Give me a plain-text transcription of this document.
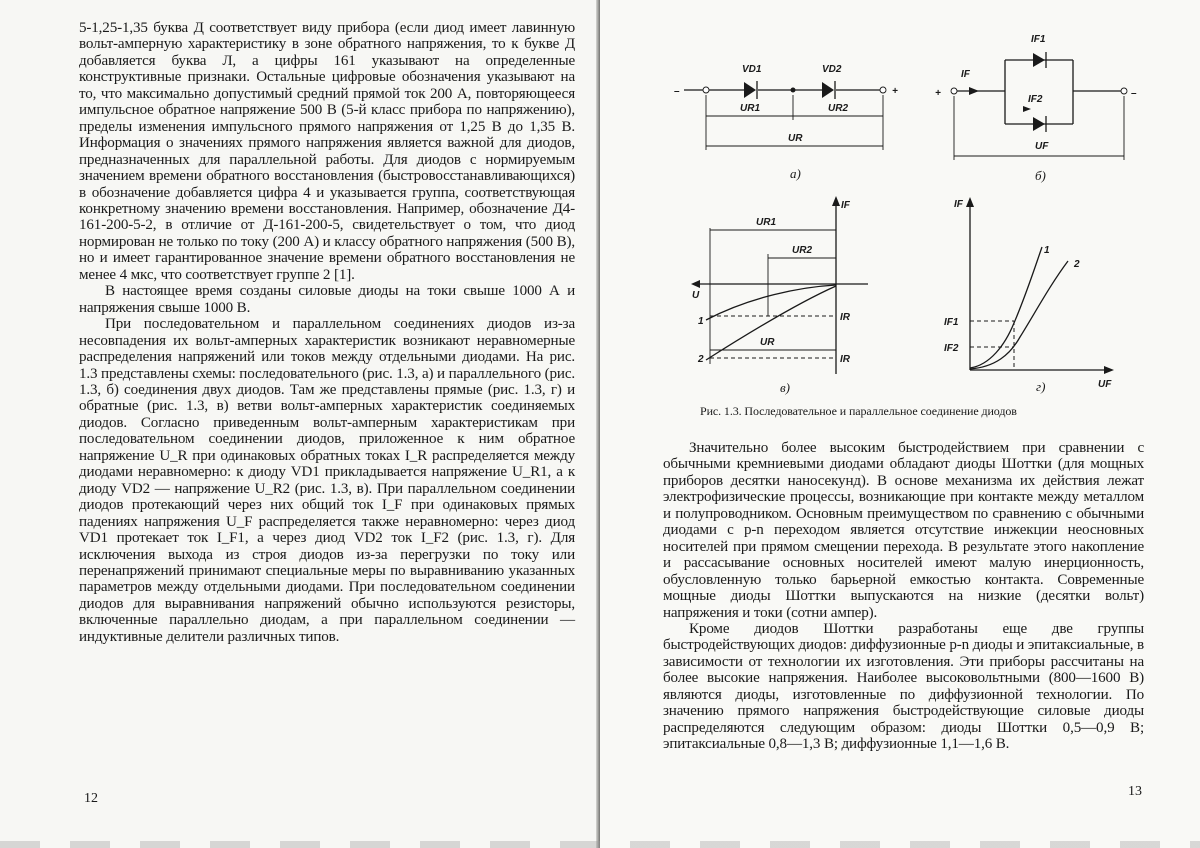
5-1,25-1,35 буква Д соответствует виду прибора (если диод имеет лавинную вольт-амперную характеристику в зоне обратного напряжения, то к букве Д добавляется буква Л, а цифры 161 указывают на определенные конструктивные признаки. Остальные цифровые обозначения указывают на то, что максимально допустимый средний прямой ток 200 А, повторяющееся импульсное обратное напряжение 500 В (5-й класс прибора по напряжению), пределы изменения импульсного прямого напряжения от 1,25 В до 1,35 В. Информация о значениях прямого напряжения является важной для диодов, предназначенных для параллельной работы. Для диодов с нормируемым значением времени обратного восстановления (быстровосстанавливающихся) в обозначение добавляется цифра 4 и указывается группа, соответствующая конкретному значению времени восстановления. Например, обозначение Д4-161-200-5-2, в отличие от Д-161-200-5, свидетельствует о том, что диод нормирован не только по току (200 А) и классу обратного напряжения (500 В), но и имеет гарантированное значение времени обратного восстановления не менее 4 мкс, что соответствует группе 2 [1].

В настоящее время созданы силовые диоды на токи свыше 1000 А и напряжения свыше 1000 В.

При последовательном и параллельном соединениях диодов из-за несовпадения их вольт-амперных характеристик возникают неравномерные распределения напряжений или токов между отдельными диодами. На рис. 1.3 представлены схемы: последовательного (рис. 1.3, а) и параллельного (рис. 1.3, б) соединения двух диодов. Там же представлены прямые (рис. 1.3, г) и обратные (рис. 1.3, в) ветви вольт-амперных характеристик соединяемых диодов. Согласно приведенным вольт-амперным характеристикам при последовательном соединении диодов, приложенное к ним обратное напряжение U_R при одинаковых обратных токах I_R распределяется между диодами неравномерно: к диоду VD1 прикладывается напряжение U_R1, а к диоду VD2 — напряжение U_R2 (рис. 1.3, в). При параллельном соединении диодов протекающий через них общий ток I_F при одинаковых прямых падениях напряжения U_F распределяется также неравномерно: через диод VD1 протекает ток I_F1, а через диод VD2 ток I_F2 (рис. 1.3, г). Для исключения выхода из строя диодов из-за перегрузки по току или перенапряжений принимают специальные меры по выравниванию указанных параметров между отдельными диодами. При последовательном соединении диодов для выравнивания напряжений обычно используются резисторы, включенные параллельно диодам, а при параллельном соединении — индуктивные делители различных типов.

12
–	+
VD1	VD2
UR1	UR2
UR
а)
+
IF
IF1
IF2
–
UF
б)
IF
U
1
2
UR1
UR2
UR
IR
IR
в)
IF
UF
1
2
IF1
IF2
г)
Рис. 1.3. Последовательное и параллельное соединение диодов

Значительно более высоким быстродействием при сравнении с обычными кремниевыми диодами обладают диоды Шоттки (для мощных приборов десятки наносекунд). В основе механизма их действия лежат электрофизические процессы, возникающие при контакте между металлом и полупроводником. Основным преимуществом по сравнению с обычными диодами с p-n переходом является отсутствие инжекции неосновных носителей при прямом смещении перехода. В результате этого накопление и рассасывание основных носителей имеют малую инерционность, обусловленную только барьерной емкостью контакта. Современные мощные диоды Шоттки выпускаются на низкие (десятки вольт) напряжения и токи (сотни ампер).

Кроме диодов Шоттки разработаны еще две группы быстродействующих диодов: диффузионные p-n диоды и эпитаксиальные, в зависимости от технологии их изготовления. Эти приборы рассчитаны на более высокие напряжения. Наиболее высоковольтными (800—1600 В) являются диоды, изготовленные по диффузионной технологии. По значению прямого напряжения быстродействующие силовые диоды распределяются следующим образом: диоды Шоттки 0,5—0,9 В; эпитаксиальные 0,8—1,3 В; диффузионные 1,1—1,6 В.

13
